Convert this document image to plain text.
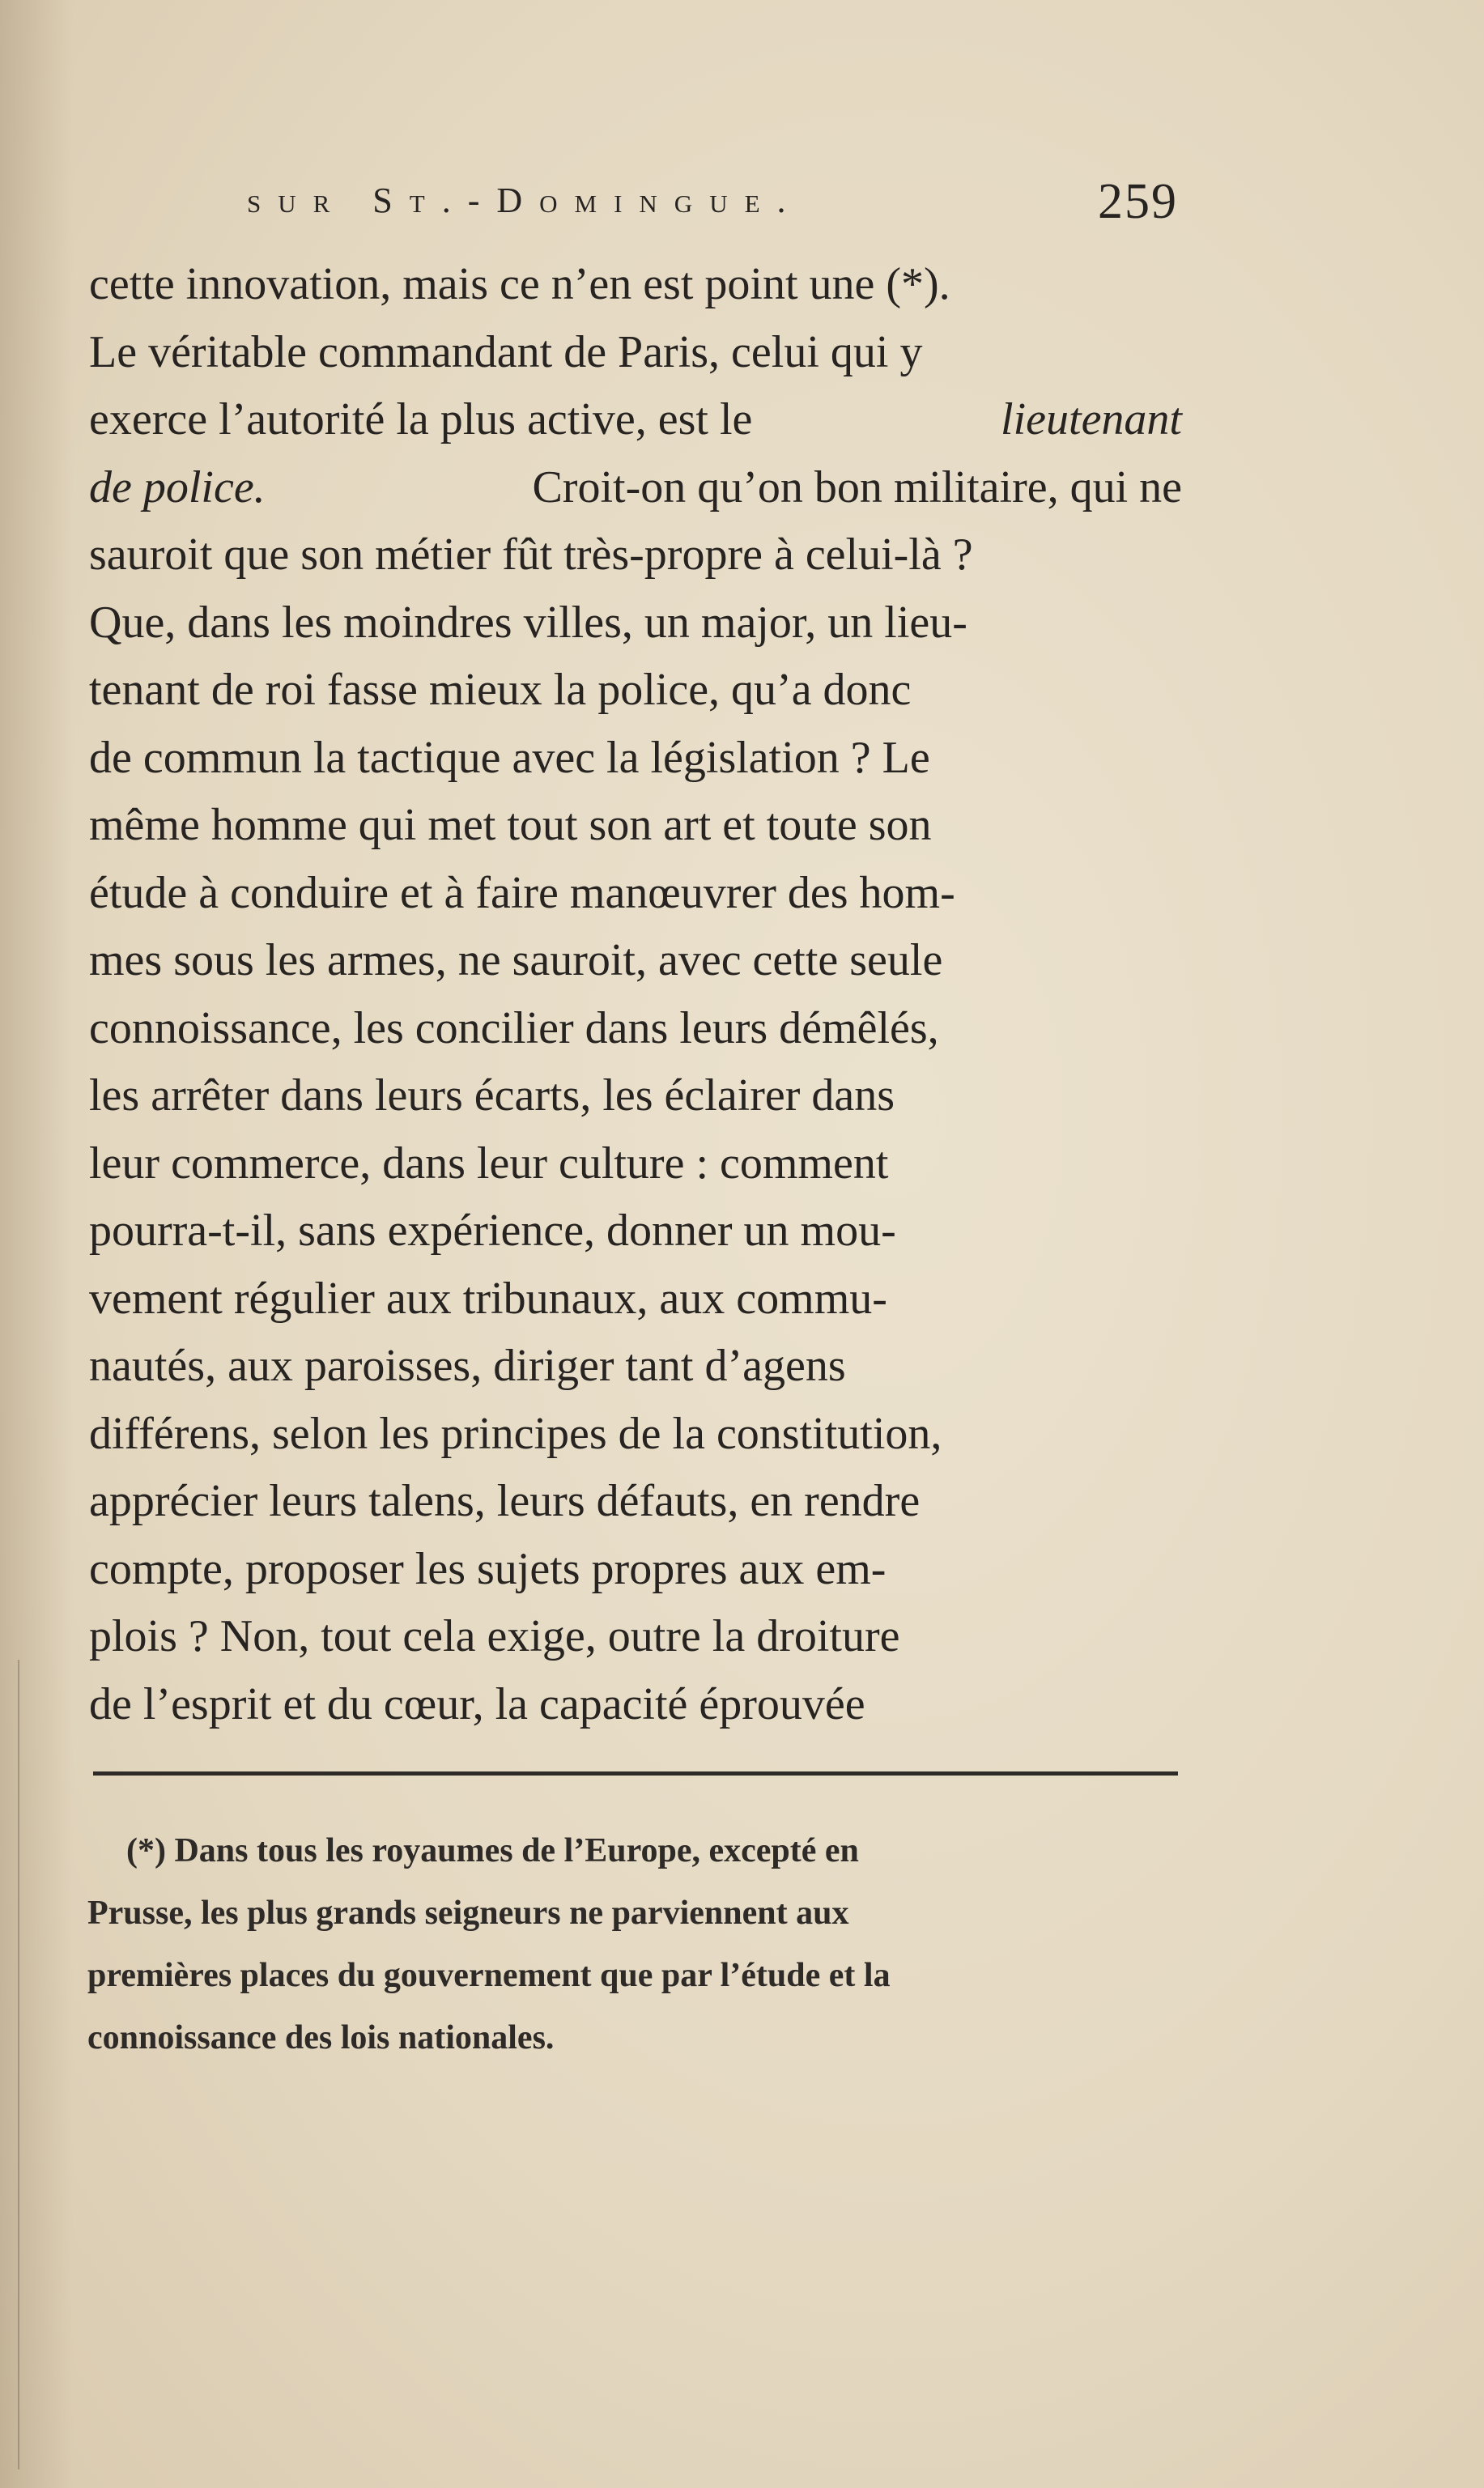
sur St.-Domingue.	259
cette innovation, mais ce n’en est point une (*).
Le véritable commandant de Paris, celui qui y
exerce l’autorité la plus active, est le	lieutenant
de police.	Croit-on qu’on bon militaire, qui ne
sauroit que son métier fût très-propre à celui-là ?
Que, dans les moindres villes, un major, un lieu-
tenant de roi fasse mieux la police, qu’a donc
de commun la tactique avec la législation ? Le
même homme qui met tout son art et toute son
étude à conduire et à faire manœuvrer des hom-
mes sous les armes, ne sauroit, avec cette seule
connoissance, les concilier dans leurs démêlés,
les arrêter dans leurs écarts, les éclairer dans
leur commerce, dans leur culture : comment
pourra-t-il, sans expérience, donner un mou-
vement régulier aux tribunaux, aux commu-
nautés, aux paroisses, diriger tant d’agens
différens, selon les principes de la constitution,
apprécier leurs talens, leurs défauts, en rendre
compte, proposer les sujets propres aux em-
plois ? Non, tout cela exige, outre la droiture
de l’esprit et du cœur, la capacité éprouvée
(*) Dans tous les royaumes de l’Europe, excepté en
Prusse, les plus grands seigneurs ne parviennent aux
premières places du gouvernement que par l’étude et la
connoissance des lois nationales.
